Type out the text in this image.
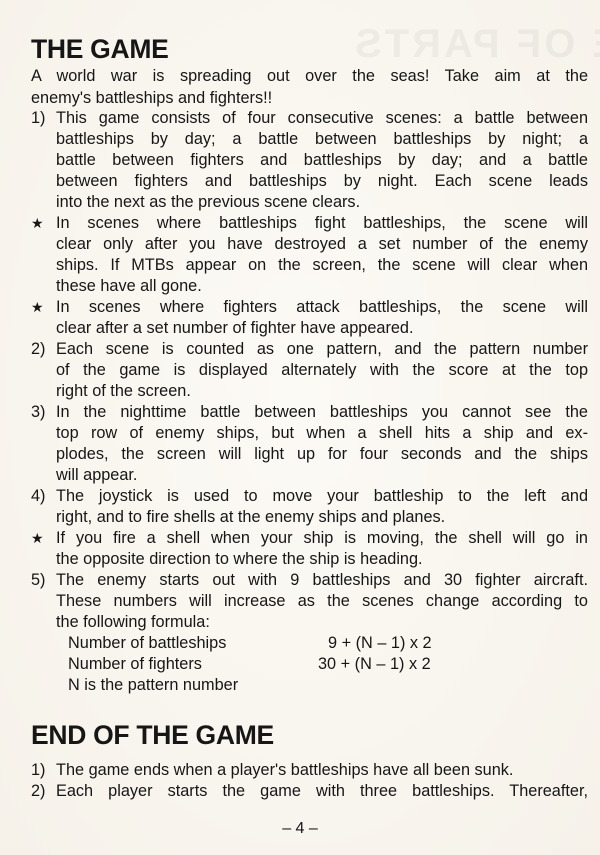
THE GAME
A world war is spreading out over the seas! Take aim at the
enemy's battleships and fighters!!
1) This game consists of four consecutive scenes: a battle between
battleships by day; a battle between battleships by night; a
battle between fighters and battleships by day; and a battle
between fighters and battleships by night. Each scene leads
into the next as the previous scene clears.
★ In scenes where battleships fight battleships, the scene will
clear only after you have destroyed a set number of the enemy
ships. If MTBs appear on the screen, the scene will clear when
these have all gone.
★ In scenes where fighters attack battleships, the scene will
clear after a set number of fighter have appeared.
2) Each scene is counted as one pattern, and the pattern number
of the game is displayed alternately with the score at the top
right of the screen.
3) In the nighttime battle between battleships you cannot see the
top row of enemy ships, but when a shell hits a ship and ex-
plodes, the screen will light up for four seconds and the ships
will appear.
4) The joystick is used to move your battleship to the left and
right, and to fire shells at the enemy ships and planes.
★ If you fire a shell when your ship is moving, the shell will go in
the opposite direction to where the ship is heading.
5) The enemy starts out with 9 battleships and 30 fighter aircraft.
These numbers will increase as the scenes change according to
the following formula:
Number of battleships	9 + (N – 1) x 2
Number of fighters	30 + (N – 1) x 2
N is the pattern number
END OF THE GAME
1) The game ends when a player's battleships have all been sunk.
2) Each player starts the game with three battleships. Thereafter,
– 4 –
